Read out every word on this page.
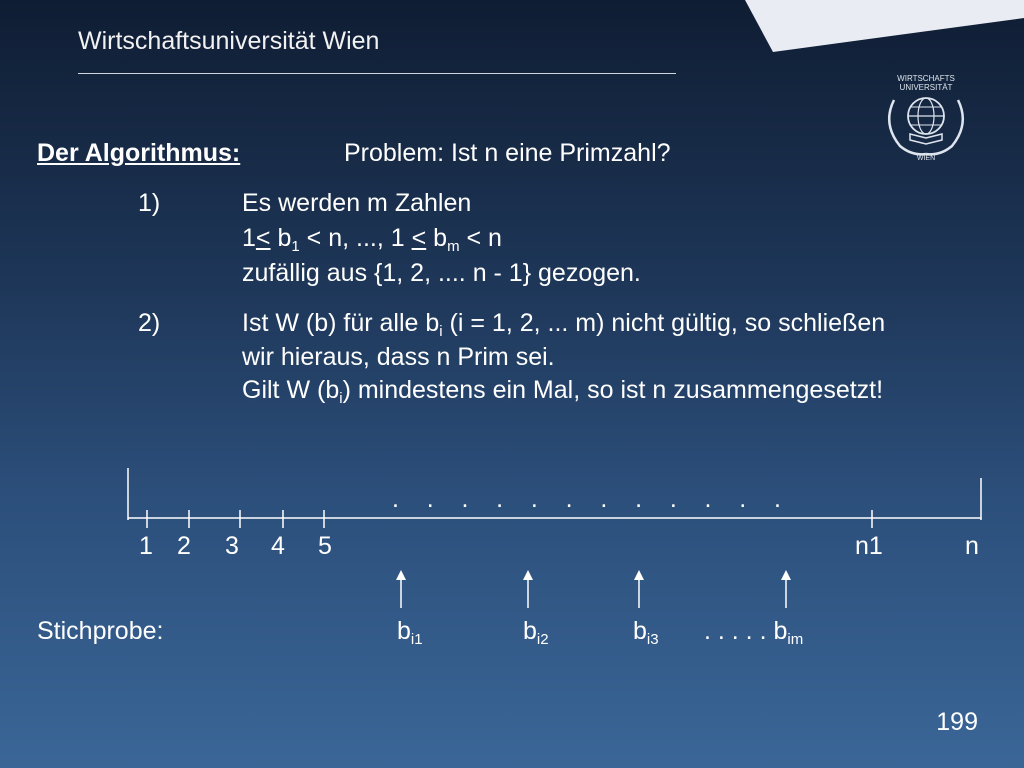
Wirtschaftsuniversität Wien
WIRTSCHAFTS
UNIVERSITÄT
WIEN
Der Algorithmus:	Problem: Ist n eine Primzahl?
1)	Es werden m Zahlen
$1< b_1 < n$, ..., $1 < b_m < n$
zufällig aus {1, 2, .... n - 1} gezogen.
2)	Ist W (b) für alle $b_i$ (i = 1, 2, ... m) nicht gültig, so schließen
wir hieraus, dass n Prim sei.
Gilt W $(b_i)$ mindestens ein Mal, so ist n zusammengesetzt!
.    .    .    .    .    .    .    .    .    .    .    .
1 2 3 4 5	n1	n
Stichprobe:	$b_{i1}$	$b_{i2}$	$b_{i3}$ . . . . . $b_{im}$
199
